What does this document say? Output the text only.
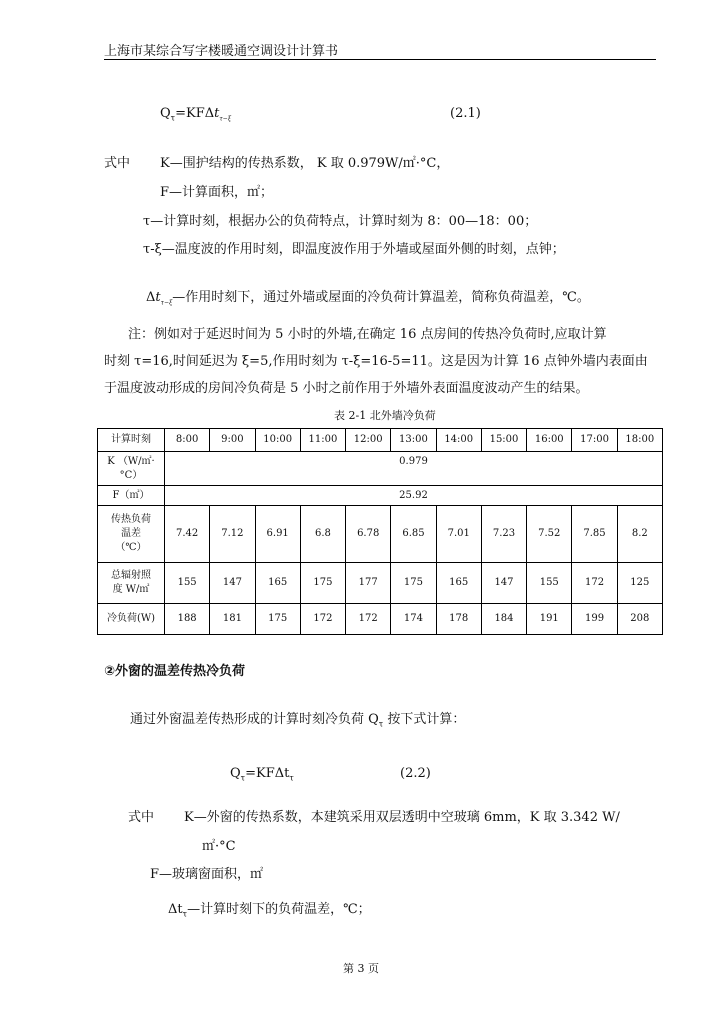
上海市某综合写字楼暖通空调设计计算书
$Q_\tau=KF\Delta t_{\tau-\xi}$	(2.1)
式中 K—围护结构的传热系数， K 取 0.979W/㎡·°C，
F—计算面积，㎡；
τ—计算时刻，根据办公的负荷特点，计算时刻为 8：00—18：00；
τ-ξ—温度波的作用时刻，即温度波作用于外墙或屋面外侧的时刻，点钟；
$\Delta t_{\tau-\xi}—$作用时刻下，通过外墙或屋面的冷负荷计算温差，简称负荷温差，℃。
注：例如对于延迟时间为 5 小时的外墙,在确定 16 点房间的传热冷负荷时,应取计算
时刻 τ=16,时间延迟为 ξ=5,作用时刻为 τ-ξ=16-5=11。这是因为计算 16 点钟外墙内表面由
于温度波动形成的房间冷负荷是 5 小时之前作用于外墙外表面温度波动产生的结果。
表 2-1 北外墙冷负荷
计算时刻	8:00	9:00	10:00	11:00	12:00	13:00	14:00	15:00	16:00	17:00	18:00

K （W/㎡·
°C）	0.979										
F（㎡）	25.92										

传热负荷
温差
（℃）	7.42	7.12	6.91	6.8	6.78	6.85	7.01	7.23	7.52	7.85	8.2

总辐射照
度 W/㎡	155	147	165	175	177	175	165	147	155	172	125
冷负荷(W)	188	181	175	172	172	174	178	184	191	199	208
②外窗的温差传热冷负荷
通过外窗温差传热形成的计算时刻冷负荷 $Q_\tau$ 按下式计算：
$Q_\tau=KF\Delta t_\tau$	(2.2)
式中 K—外窗的传热系数，本建筑采用双层透明中空玻璃 6mm，K 取 3.342 W/
㎡·°C
F—玻璃窗面积，㎡
$\Delta t_\tau—$计算时刻下的负荷温差，℃；
第 3 页
